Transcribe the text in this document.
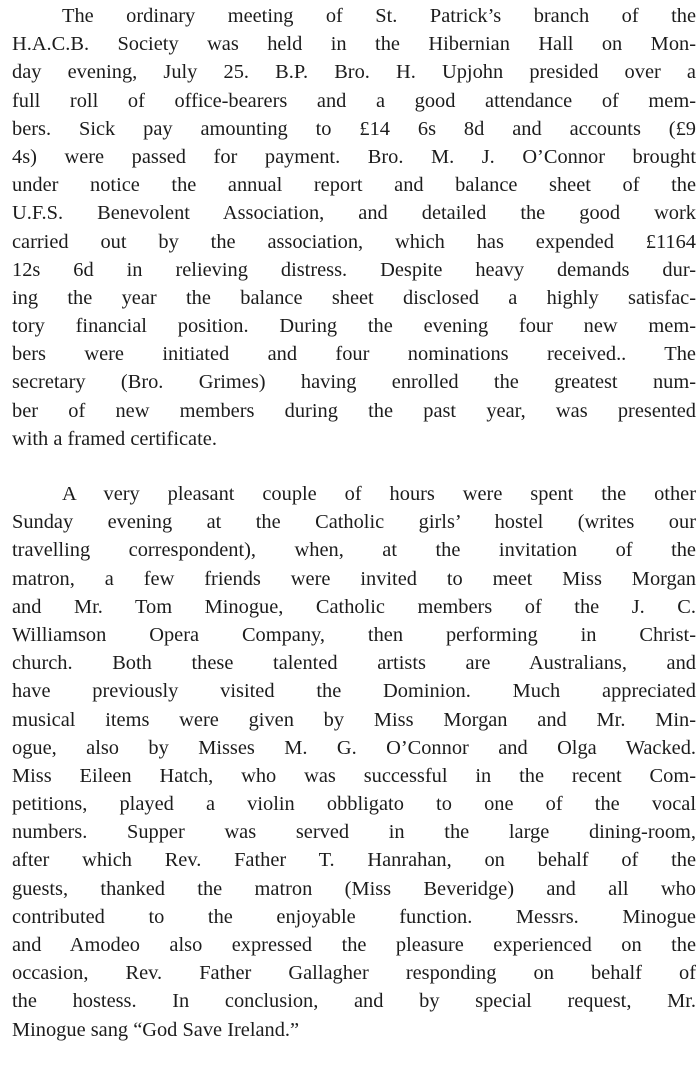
The ordinary meeting of St. Patrick’s branch of the
H.A.C.B. Society was held in the Hibernian Hall on Mon-
day evening, July 25. B.P. Bro. H. Upjohn presided over a
full roll of office-bearers and a good attendance of mem-
bers. Sick pay amounting to £14 6s 8d and accounts (£9
4s) were passed for payment. Bro. M. J. O’Connor brought
under notice the annual report and balance sheet of the
U.F.S. Benevolent Association, and detailed the good work
carried out by the association, which has expended £1164
12s 6d in relieving distress. Despite heavy demands dur-
ing the year the balance sheet disclosed a highly satisfac-
tory financial position. During the evening four new mem-
bers were initiated and four nominations received.. The
secretary (Bro. Grimes) having enrolled the greatest num-
ber of new members during the past year, was presented
with a framed certificate.
A very pleasant couple of hours were spent the other
Sunday evening at the Catholic girls’ hostel (writes our
travelling correspondent), when, at the invitation of the
matron, a few friends were invited to meet Miss Morgan
and Mr. Tom Minogue, Catholic members of the J. C.
Williamson Opera Company, then performing in Christ-
church. Both these talented artists are Australians, and
have previously visited the Dominion. Much appreciated
musical items were given by Miss Morgan and Mr. Min-
ogue, also by Misses M. G. O’Connor and Olga Wacked.
Miss Eileen Hatch, who was successful in the recent Com-
petitions, played a violin obbligato to one of the vocal
numbers. Supper was served in the large dining-room,
after which Rev. Father T. Hanrahan, on behalf of the
guests, thanked the matron (Miss Beveridge) and all who
contributed to the enjoyable function. Messrs. Minogue
and Amodeo also expressed the pleasure experienced on the
occasion, Rev. Father Gallagher responding on behalf of
the hostess. In conclusion, and by special request, Mr.
Minogue sang “God Save Ireland.”
